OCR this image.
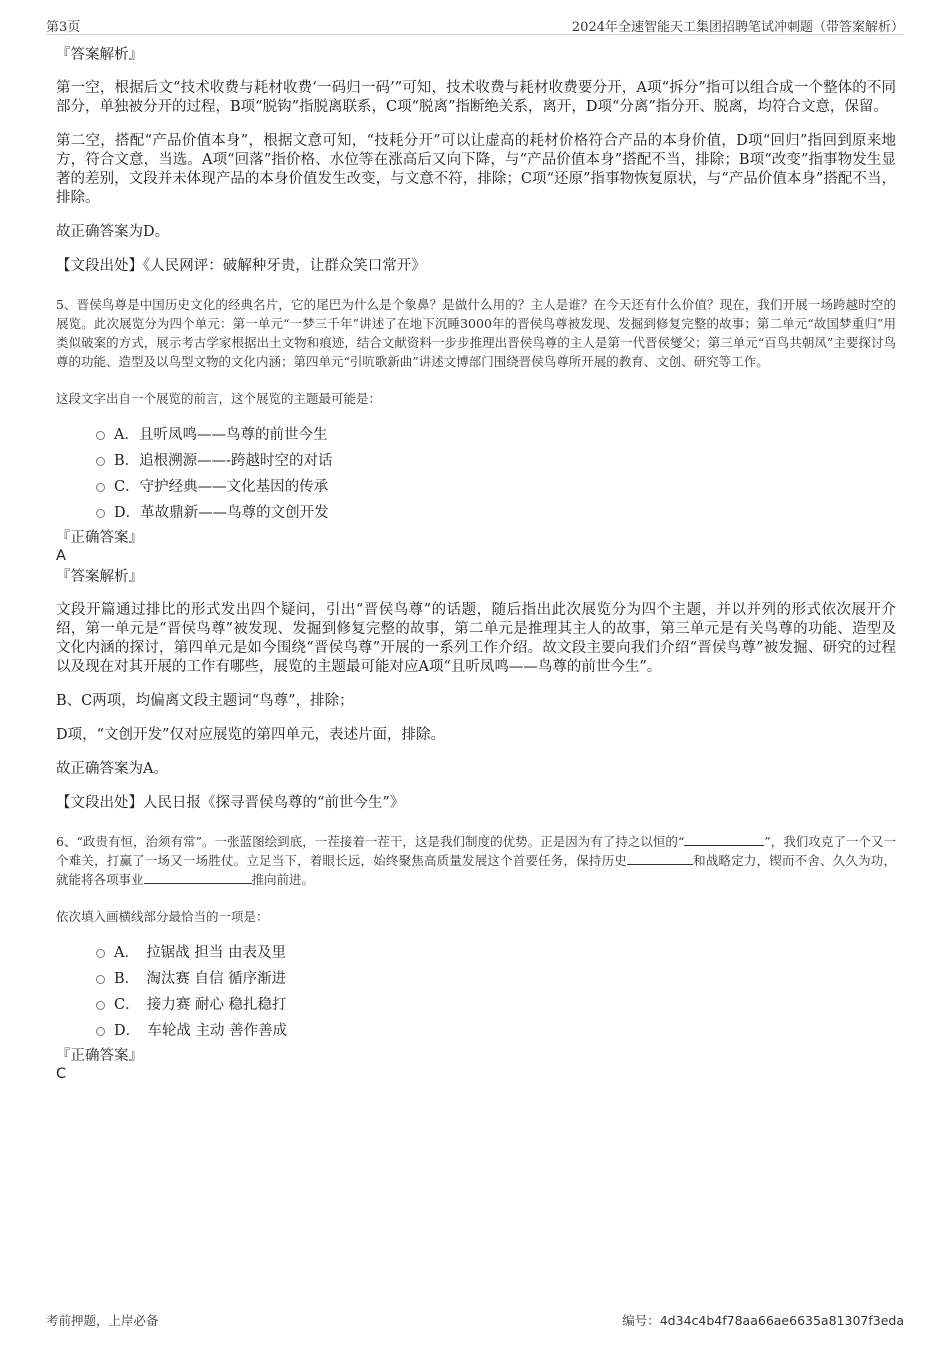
第3页	2024年全速智能天工集团招聘笔试冲刺题（带答案解析）

『答案解析』

第一空，根据后文“技术收费与耗材收费‘一码归一码’”可知，技术收费与耗材收费要分开，A项“拆分”指可以组合成一个整体的不同部分，单独被分开的过程，B项“脱钩”指脱离联系，C项“脱离”指断绝关系，离开，D项“分离”指分开、脱离，均符合文意，保留。

第二空，搭配“产品价值本身”，根据文意可知，“技耗分开”可以让虚高的耗材价格符合产品的本身价值，D项“回归”指回到原来地方，符合文意，当选。A项“回落”指价格、水位等在涨高后又向下降，与“产品价值本身”搭配不当，排除；B项“改变”指事物发生显著的差别，文段并未体现产品的本身价值发生改变，与文意不符，排除；C项“还原”指事物恢复原状，与“产品价值本身”搭配不当，排除。

故正确答案为D。

【文段出处】《人民网评：破解种牙贵，让群众笑口常开》

5、晋侯鸟尊是中国历史文化的经典名片，它的尾巴为什么是个象鼻？是做什么用的？主人是谁？在今天还有什么价值？现在，我们开展一场跨越时空的展览。此次展览分为四个单元：第一单元“一梦三千年”讲述了在地下沉睡3000年的晋侯鸟尊被发现、发掘到修复完整的故事；第二单元“故国梦重归”用类似破案的方式，展示考古学家根据出土文物和痕迹，结合文献资料一步步推理出晋侯鸟尊的主人是第一代晋侯燮父；第三单元“百鸟共朝凤”主要探讨鸟尊的功能、造型及以鸟型文物的文化内涵；第四单元“引吭歌新曲”讲述文博部门围绕晋侯鸟尊所开展的教育、文创、研究等工作。

这段文字出自一个展览的前言，这个展览的主题最可能是：

A．且听凤鸣——鸟尊的前世今生
B．追根溯源——-跨越时空的对话
C．守护经典——文化基因的传承
D．革故鼎新——鸟尊的文创开发

『正确答案』

A

『答案解析』

文段开篇通过排比的形式发出四个疑问，引出“晋侯鸟尊”的话题，随后指出此次展览分为四个主题，并以并列的形式依次展开介绍，第一单元是“晋侯鸟尊”被发现、发掘到修复完整的故事，第二单元是推理其主人的故事，第三单元是有关鸟尊的功能、造型及文化内涵的探讨，第四单元是如今围绕“晋侯鸟尊”开展的一系列工作介绍。故文段主要向我们介绍“晋侯鸟尊”被发掘、研究的过程以及现在对其开展的工作有哪些，展览的主题最可能对应A项“且听凤鸣——鸟尊的前世今生”。

B、C两项，均偏离文段主题词“鸟尊”，排除；

D项，“文创开发”仅对应展览的第四单元，表述片面，排除。

故正确答案为A。

【文段出处】人民日报《探寻晋侯鸟尊的“前世今生”》

6、“政贵有恒，治须有常”。一张蓝图绘到底，一茬接着一茬干，这是我们制度的优势。正是因为有了持之以恒的“	”，我们攻克了一个又一个难关，打赢了一场又一场胜仗。立足当下，着眼长远，始终聚焦高质量发展这个首要任务，保持历史	和战略定力，锲而不舍、久久为功，就能将各项事业	推向前进。

依次填入画横线部分最恰当的一项是：

A．　拉锯战 担当 由表及里
B．　淘汰赛 自信 循序渐进
C．　接力赛 耐心 稳扎稳打
D．　车轮战 主动 善作善成

『正确答案』

C

考前押题，上岸必备	编号：4d34c4b4f78aa66ae6635a81307f3eda
